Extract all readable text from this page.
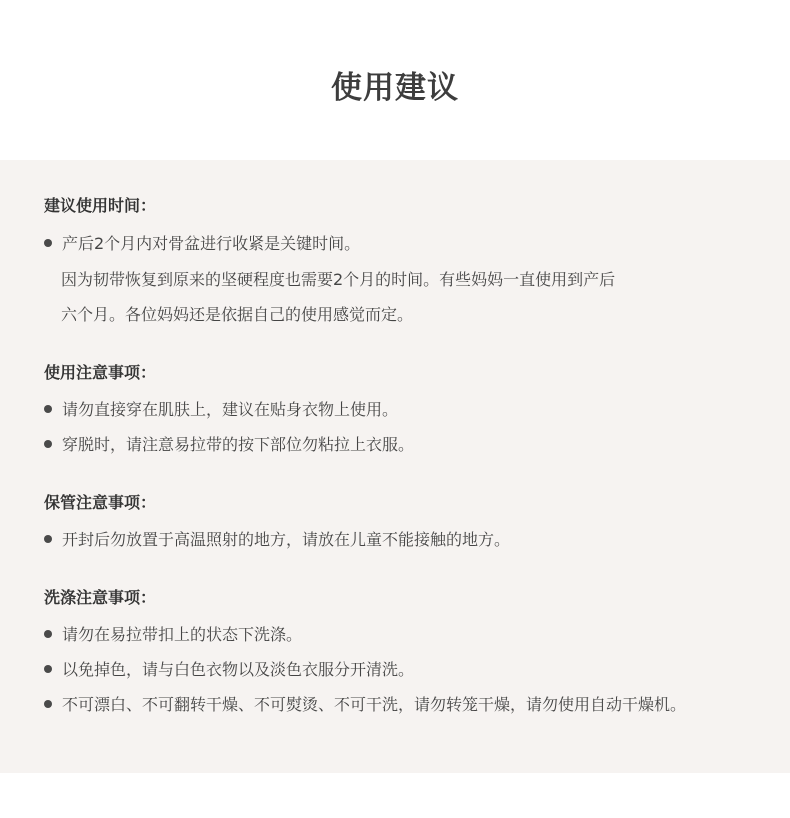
使用建议
建议使用时间：
产后2个月内对骨盆进行收紧是关键时间。
因为韧带恢复到原来的坚硬程度也需要2个月的时间。有些妈妈一直使用到产后
六个月。各位妈妈还是依据自己的使用感觉而定。
使用注意事项：
请勿直接穿在肌肤上，建议在贴身衣物上使用。
穿脱时，请注意易拉带的按下部位勿粘拉上衣服。
保管注意事项：
开封后勿放置于高温照射的地方，请放在儿童不能接触的地方。
洗涤注意事项：
请勿在易拉带扣上的状态下洗涤。
以免掉色，请与白色衣物以及淡色衣服分开清洗。
不可漂白、不可翻转干燥、不可熨烫、不可干洗，请勿转笼干燥，请勿使用自动干燥机。
